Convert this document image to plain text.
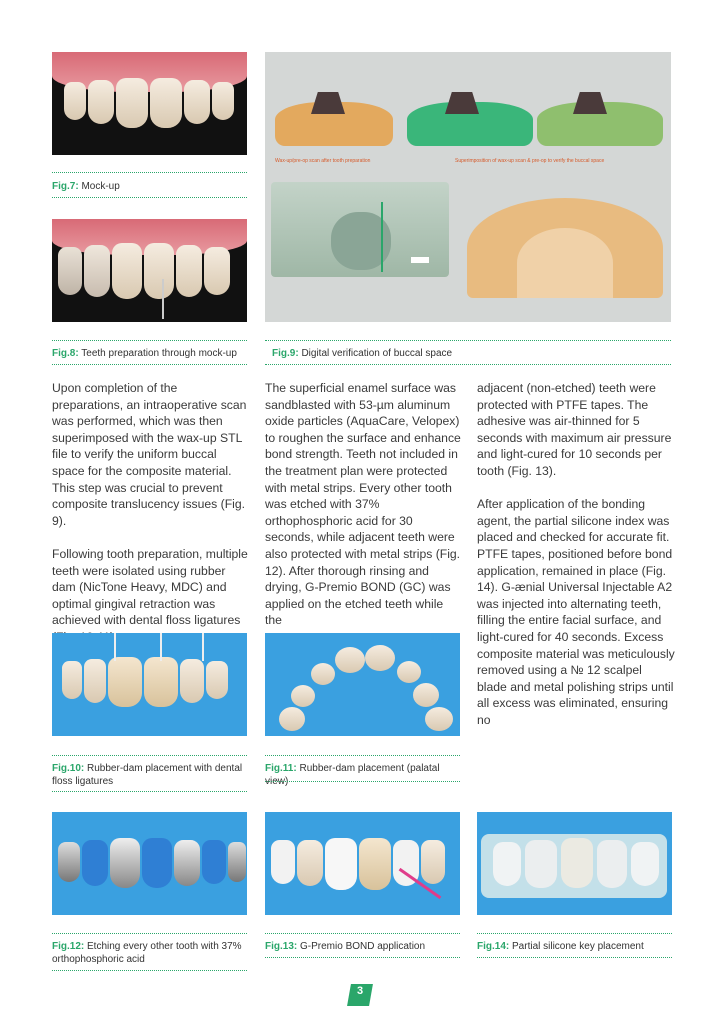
Fig.7: Mock-up
Fig.8: Teeth preparation through mock-up
Wax-up/pre-op scan after tooth preparation	Superimposition of wax-up scan & pre-op to verify the buccal space
Fig.9: Digital verification of buccal space

Upon completion of the preparations, an intraoperative scan was performed, which was then superimposed with the wax-up STL file to verify the uniform buccal space for the composite material. This step was crucial to prevent composite translucency issues (Fig. 9).

Following tooth preparation, multiple teeth were isolated using rubber dam (NicTone Heavy, MDC) and optimal gingival retraction was achieved with dental floss ligatures

The superficial enamel surface was sandblasted with 53-µm aluminum oxide particles (AquaCare, Velopex) to roughen the surface and enhance bond strength. Teeth not included in the treatment plan were protected with metal strips. Every other tooth was etched with 37% orthophosphoric acid for 30 seconds, while adjacent teeth were also protected with metal strips (Fig. 12). After thorough rinsing and drying, G-Premio BOND (GC) was applied on the etched teeth while the

adjacent (non-etched) teeth were protected with PTFE tapes. The adhesive was air-thinned for 5 seconds with maximum air pressure and light-cured for 10 seconds per tooth (Fig. 13).

After application of the bonding agent, the partial silicone index was placed and checked for accurate fit. PTFE tapes, positioned before bond application, remained in place (Fig. 14). G-ænial Universal Injectable A2 was injected into alternating teeth, filling the entire facial surface, and light-cured for 40 seconds. Excess composite material was meticulously removed using a № 12 scalpel blade and metal polishing strips until all excess was eliminated, ensuring no

Fig.10: Rubber-dam placement with dental floss ligatures
Fig.11: Rubber-dam placement (palatal view)
Fig.12: Etching every other tooth with 37% orthophosphoric acid
Fig.13: G-Premio BOND application	Fig.14: Partial silicone key placement
3
